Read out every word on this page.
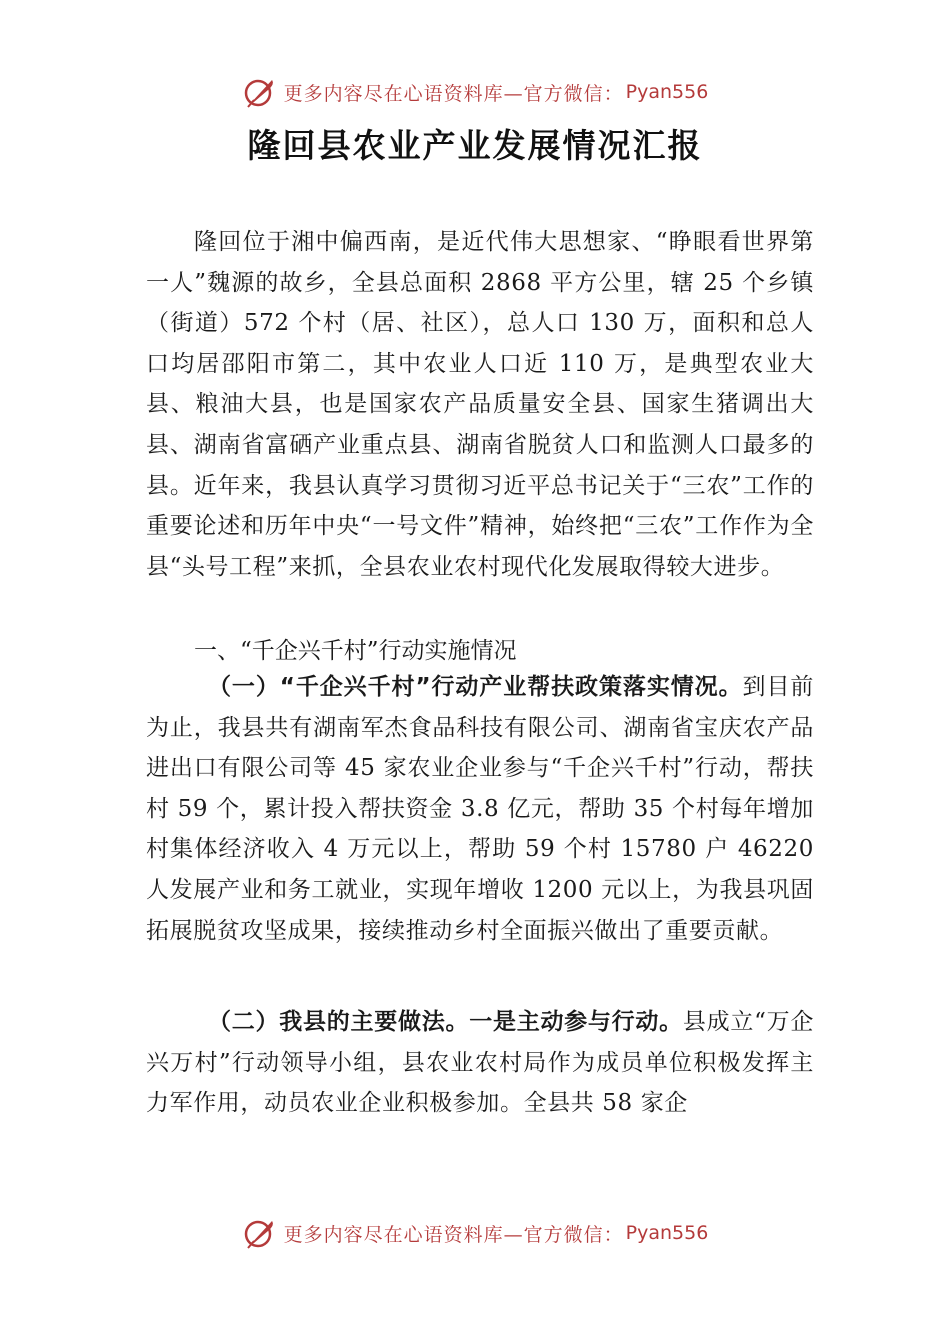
更多内容尽在心语资料库—官方微信： Pyan556
隆回县农业产业发展情况汇报

隆回位于湘中偏西南，是近代伟大思想家、“睁眼看世界第一人”魏源的故乡，全县总面积 2868 平方公里，辖 25 个乡镇（街道）572 个村（居、社区），总人口 130 万，面积和总人口均居邵阳市第二，其中农业人口近 110 万，是典型农业大县、粮油大县，也是国家农产品质量安全县、国家生猪调出大县、湖南省富硒产业重点县、湖南省脱贫人口和监测人口最多的县。近年来，我县认真学习贯彻习近平总书记关于“三农”工作的重要论述和历年中央“一号文件”精神，始终把“三农”工作作为全县“头号工程”来抓，全县农业农村现代化发展取得较大进步。

一、“千企兴千村”行动实施情况

（一）“千企兴千村”行动产业帮扶政策落实情况。到目前为止，我县共有湖南军杰食品科技有限公司、湖南省宝庆农产品进出口有限公司等 45 家农业企业参与“千企兴千村”行动，帮扶村 59 个，累计投入帮扶资金 3.8 亿元，帮助 35 个村每年增加村集体经济收入 4 万元以上，帮助 59 个村 15780 户 46220 人发展产业和务工就业，实现年增收 1200 元以上，为我县巩固拓展脱贫攻坚成果，接续推动乡村全面振兴做出了重要贡献。

（二）我县的主要做法。一是主动参与行动。县成立“万企兴万村”行动领导小组，县农业农村局作为成员单位积极发挥主力军作用，动员农业企业积极参加。全县共 58 家企

更多内容尽在心语资料库—官方微信： Pyan556
